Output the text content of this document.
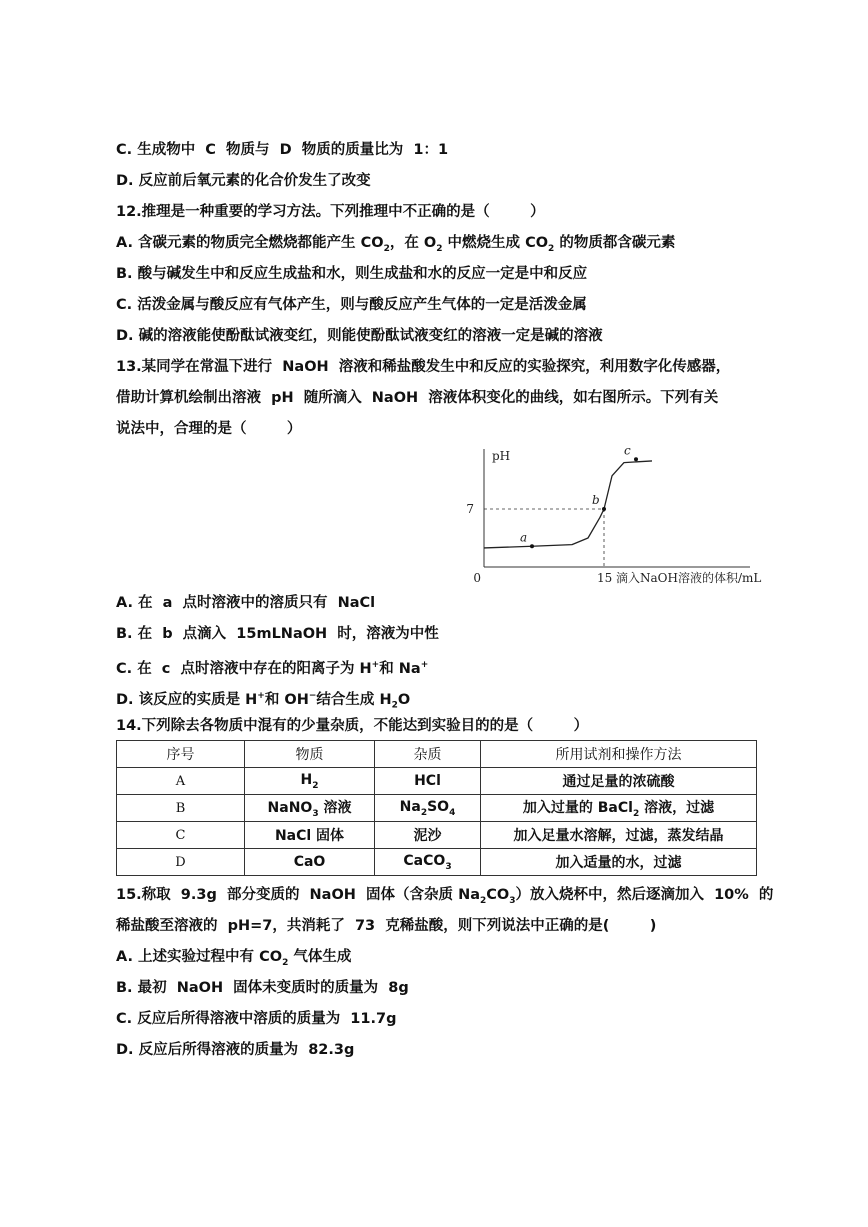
C. 生成物中  C  物质与  D  物质的质量比为  1：1
D. 反应前后氧元素的化合价发生了改变
12.推理是一种重要的学习方法。下列推理中不正确的是（        ）
A. 含碳元素的物质完全燃烧都能产生 $CO_2$，在 $O_2$ 中燃烧生成 $CO_2$ 的物质都含碳元素
B. 酸与碱发生中和反应生成盐和水，则生成盐和水的反应一定是中和反应
C. 活泼金属与酸反应有气体产生，则与酸反应产生气体的一定是活泼金属
D. 碱的溶液能使酚酞试液变红，则能使酚酞试液变红的溶液一定是碱的溶液
13.某同学在常温下进行  NaOH  溶液和稀盐酸发生中和反应的实验探究，利用数字化传感器，
借助计算机绘制出溶液  pH  随所滴入  NaOH  溶液体积变化的曲线，如右图所示。下列有关
说法中，合理的是（        ）
pH
0	15
7
滴入NaOH溶液的体积/mL
a
b
c
A. 在  a  点时溶液中的溶质只有  NaCl
B. 在  b  点滴入  15mLNaOH  时，溶液为中性
C. 在  c  点时溶液中存在的阳离子为 H+和 Na+
D. 该反应的实质是 H+和 OH−结合生成 $H_2O$
14.下列除去各物质中混有的少量杂质，不能达到实验目的的是（        ）
序号	物质	杂质	所用试剂和操作方法
A	$H_2$	HCl	通过足量的浓硫酸
B	NaNO$_3$ 溶液	$Na_2SO_4$	加入过量的 BaCl$_2$ 溶液，过滤
C	NaCl 固体	泥沙	加入足量水溶解，过滤，蒸发结晶
D	CaO	CaCO$_3$	加入适量的水，过滤
15.称取  9.3g  部分变质的  NaOH  固体（含杂质 $Na_2CO_3$）放入烧杯中，然后逐滴加入  10%  的
稀盐酸至溶液的  pH=7，共消耗了  73  克稀盐酸，则下列说法中正确的是(        )
A. 上述实验过程中有 $CO_2$ 气体生成
B. 最初  NaOH  固体未变质时的质量为  8g
C. 反应后所得溶液中溶质的质量为  11.7g
D. 反应后所得溶液的质量为  82.3g
